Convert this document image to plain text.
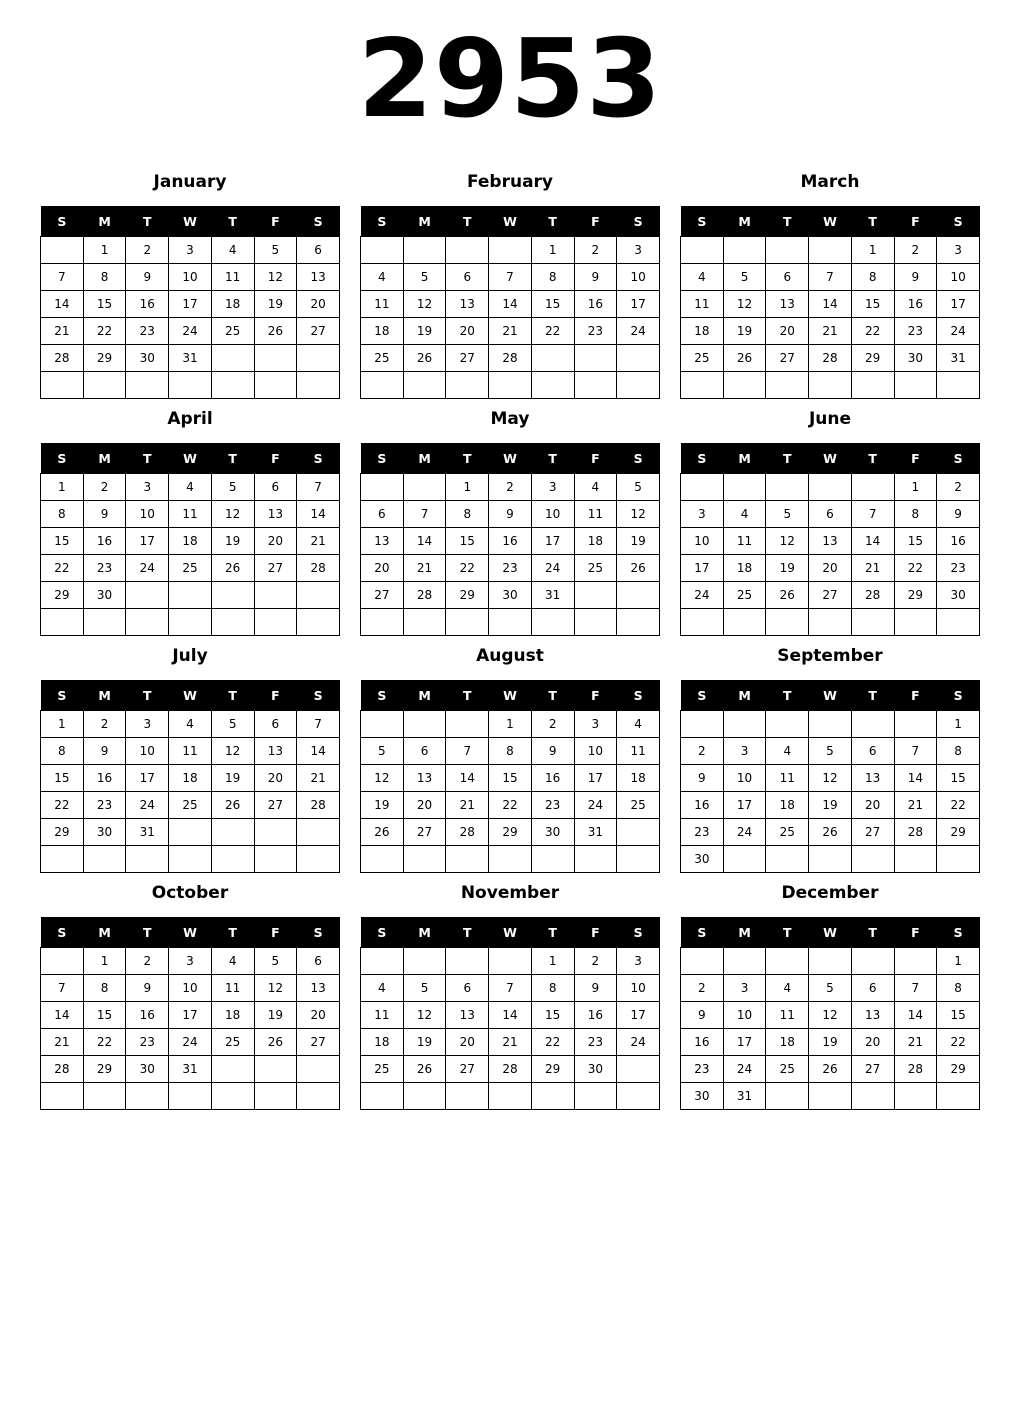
2953
January
S	M	T	W	T	F	S
	1	2	3	4	5	6
7	8	9	10	11	12	13
14	15	16	17	18	19	20
21	22	23	24	25	26	27
28	29	30	31			

February
S	M	T	W	T	F	S
				1	2	3
4	5	6	7	8	9	10
11	12	13	14	15	16	17
18	19	20	21	22	23	24
25	26	27	28			

March
S	M	T	W	T	F	S
				1	2	3
4	5	6	7	8	9	10
11	12	13	14	15	16	17
18	19	20	21	22	23	24
25	26	27	28	29	30	31

April
S	M	T	W	T	F	S
1	2	3	4	5	6	7
8	9	10	11	12	13	14
15	16	17	18	19	20	21
22	23	24	25	26	27	28
29	30					

May
S	M	T	W	T	F	S
		1	2	3	4	5
6	7	8	9	10	11	12
13	14	15	16	17	18	19
20	21	22	23	24	25	26
27	28	29	30	31		

June
S	M	T	W	T	F	S
					1	2
3	4	5	6	7	8	9
10	11	12	13	14	15	16
17	18	19	20	21	22	23
24	25	26	27	28	29	30

July
S	M	T	W	T	F	S
1	2	3	4	5	6	7
8	9	10	11	12	13	14
15	16	17	18	19	20	21
22	23	24	25	26	27	28
29	30	31				

August
S	M	T	W	T	F	S
			1	2	3	4
5	6	7	8	9	10	11
12	13	14	15	16	17	18
19	20	21	22	23	24	25
26	27	28	29	30	31	

September
S	M	T	W	T	F	S
						1
2	3	4	5	6	7	8
9	10	11	12	13	14	15
16	17	18	19	20	21	22
23	24	25	26	27	28	29
30						
October
S	M	T	W	T	F	S
	1	2	3	4	5	6
7	8	9	10	11	12	13
14	15	16	17	18	19	20
21	22	23	24	25	26	27
28	29	30	31			

November
S	M	T	W	T	F	S
				1	2	3
4	5	6	7	8	9	10
11	12	13	14	15	16	17
18	19	20	21	22	23	24
25	26	27	28	29	30	

December
S	M	T	W	T	F	S
						1
2	3	4	5	6	7	8
9	10	11	12	13	14	15
16	17	18	19	20	21	22
23	24	25	26	27	28	29
30	31					
